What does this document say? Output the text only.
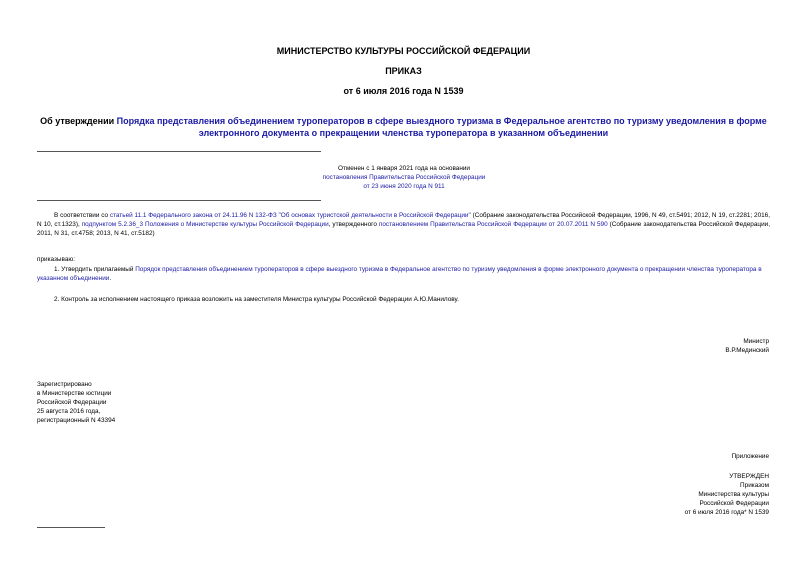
МИНИСТЕРСТВО КУЛЬТУРЫ РОССИЙСКОЙ ФЕДЕРАЦИИ
ПРИКАЗ
от 6 июля 2016 года N 1539

Об утверждении Порядка представления объединением туроператоров в сфере выездного туризма в Федеральное агентство по туризму уведомления в форме

электронного документа о прекращении членства туроператора в указанном объединении

Отменен с 1 января 2021 года на основании

постановления Правительства Российской Федерации

от 23 июня 2020 года N 911

В соответствии со статьей 11.1 Федерального закона от 24.11.96 N 132-ФЗ "Об основах туристской деятельности в Российской Федерации" (Собрание законодательства Российской Федерации, 1996, N 49, ст.5491; 2012, N 19, ст.2281; 2016, N 10, ст.1323), подпунктом 5.2.36_3 Положения о Министерстве культуры Российской Федерации, утвержденного постановлением Правительства Российской Федерации от 20.07.2011 N 590 (Собрание законодательства Российской Федерации, 2011, N 31, ст.4758; 2013, N 41, ст.5182)
приказываю:
1. Утвердить прилагаемый Порядок представления объединением туроператоров в сфере выездного туризма в Федеральное агентство по туризму уведомления в форме электронного документа о прекращении членства туроператора в указанном объединении.
2. Контроль за исполнением настоящего приказа возложить на заместителя Министра культуры Российской Федерации А.Ю.Манилову.

Министр

В.Р.Мединский

Зарегистрировано

в Министерстве юстиции

Российской Федерации

25 августа 2016 года,

регистрационный N 43394

Приложение

УТВЕРЖДЕН

Приказом

Министерства культуры

Российской Федерации

от 6 июля 2016 года* N 1539
